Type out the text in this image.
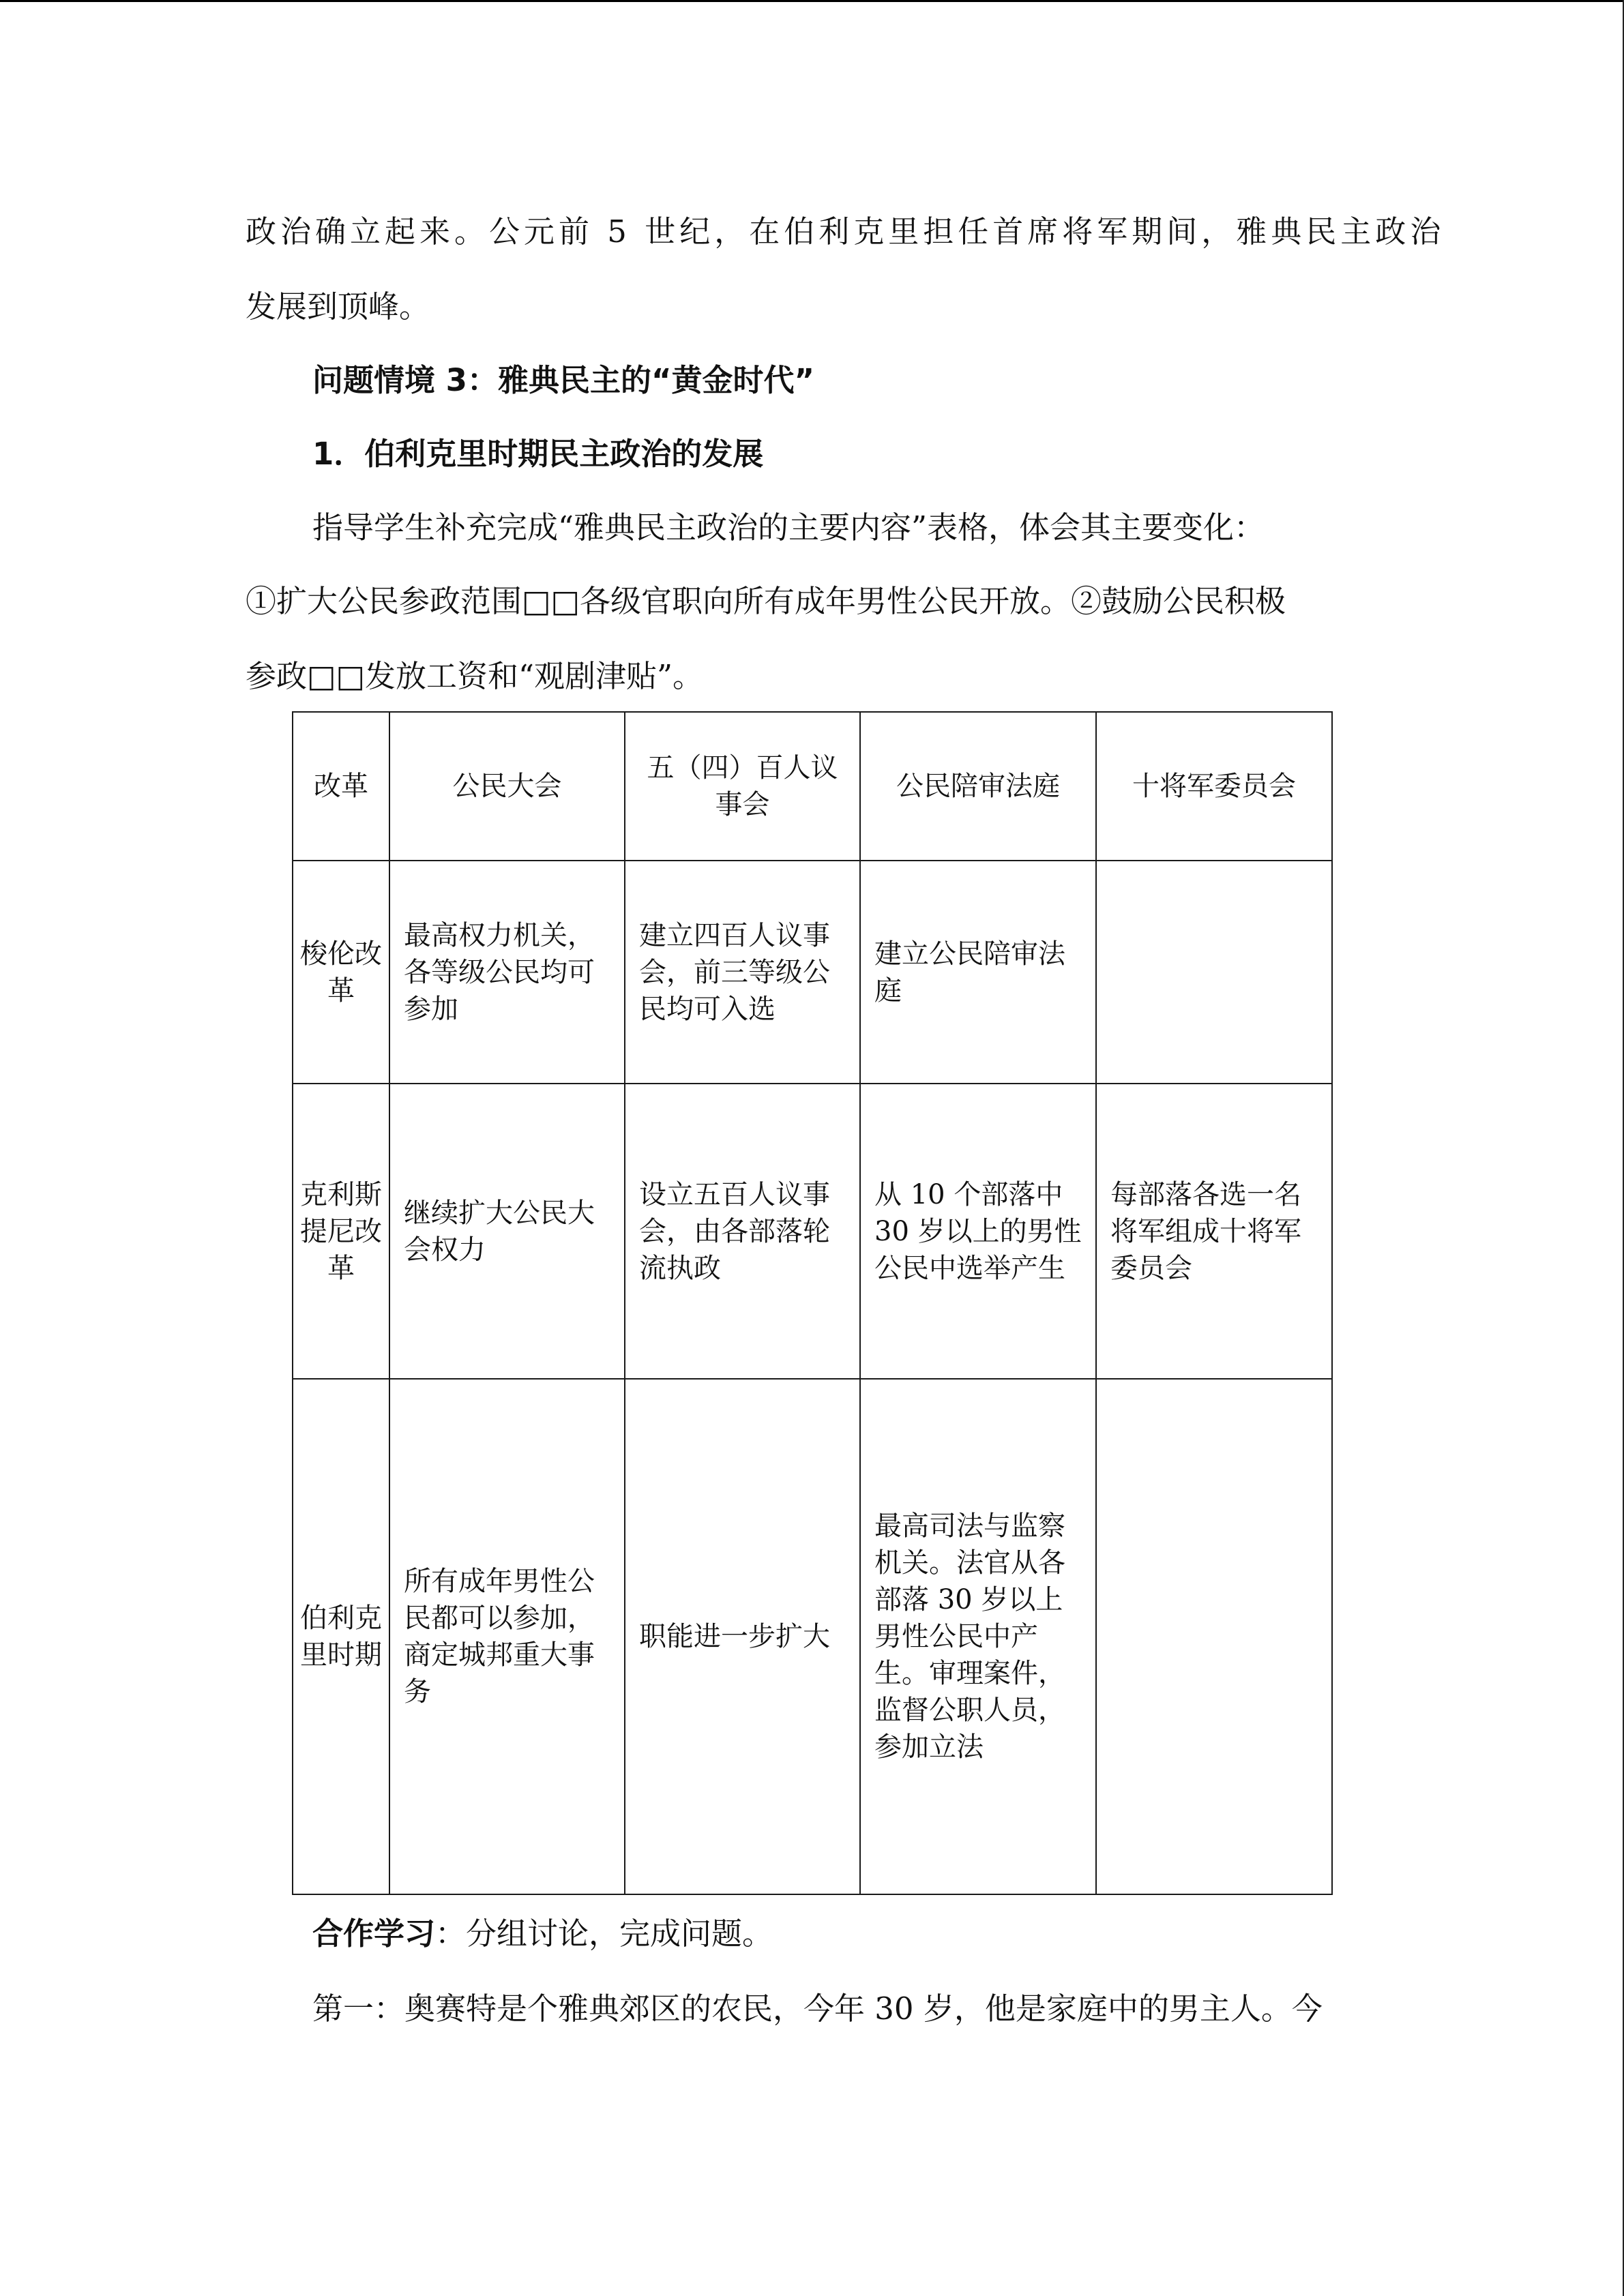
政治确立起来。公元前 5 世纪，在伯利克里担任首席将军期间，雅典民主政治
发展到顶峰。
问题情境 3：雅典民主的“黄金时代”
1．伯利克里时期民主政治的发展
指导学生补充完成“雅典民主政治的主要内容”表格，体会其主要变化：
①扩大公民参政范围□□各级官职向所有成年男性公民开放。②鼓励公民积极
参政□□发放工资和“观剧津贴”。
改革	公民大会	五（四）百人议事会	公民陪审法庭	十将军委员会
梭伦改革	最高权力机关，各等级公民均可参加	建立四百人议事会，前三等级公民均可入选	建立公民陪审法庭	
克利斯提尼改革	继续扩大公民大会权力	设立五百人议事会，由各部落轮流执政	从 10 个部落中 30 岁以上的男性公民中选举产生	每部落各选一名将军组成十将军委员会
伯利克里时期	所有成年男性公民都可以参加，商定城邦重大事务	职能进一步扩大	最高司法与监察机关。法官从各部落 30 岁以上男性公民中产生。审理案件，监督公职人员，参加立法	
合作学习：分组讨论，完成问题。
第一：奥赛特是个雅典郊区的农民，今年 30 岁，他是家庭中的男主人。今
